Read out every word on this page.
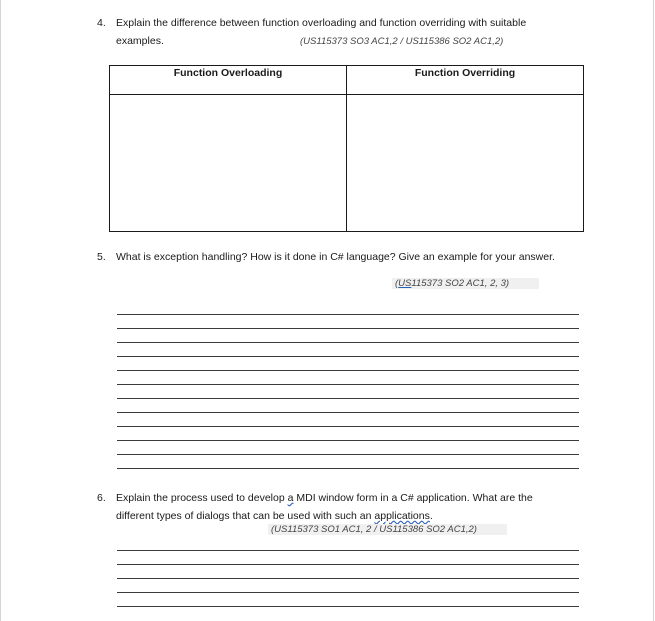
4. Explain the difference between function overloading and function overriding with suitable
examples.	(US115373 SO3 AC1,2 / US115386 SO2 AC1,2)
Function Overloading	Function Overriding

5. What is exception handling? How is it done in C# language? Give an example for your answer.
(US115373 SO2 AC1, 2, 3)
6. Explain the process used to develop a MDI window form in a C# application. What are the
different types of dialogs that can be used with such an applications.
(US115373 SO1 AC1, 2 / US115386 SO2 AC1,2)
